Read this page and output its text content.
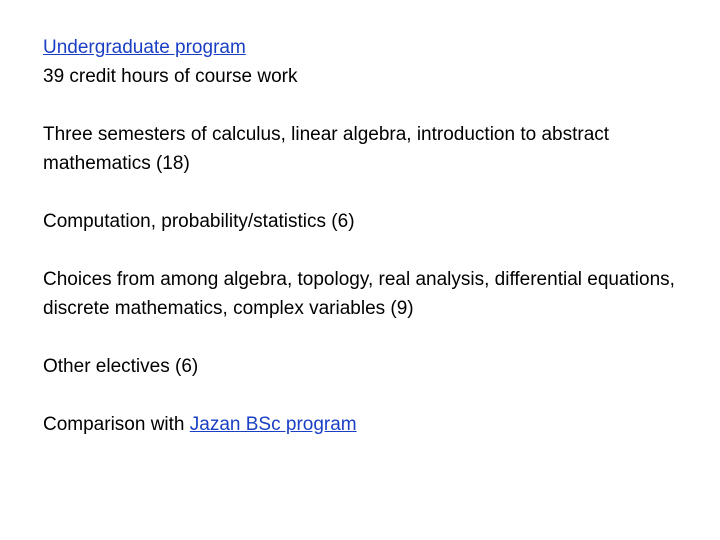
Undergraduate program
39 credit hours of course work
Three semesters of calculus, linear algebra, introduction to abstract mathematics (18)
Computation, probability/statistics (6)
Choices from among algebra, topology, real analysis, differential equations, discrete mathematics, complex variables (9)
Other electives (6)
Comparison with Jazan BSc program
